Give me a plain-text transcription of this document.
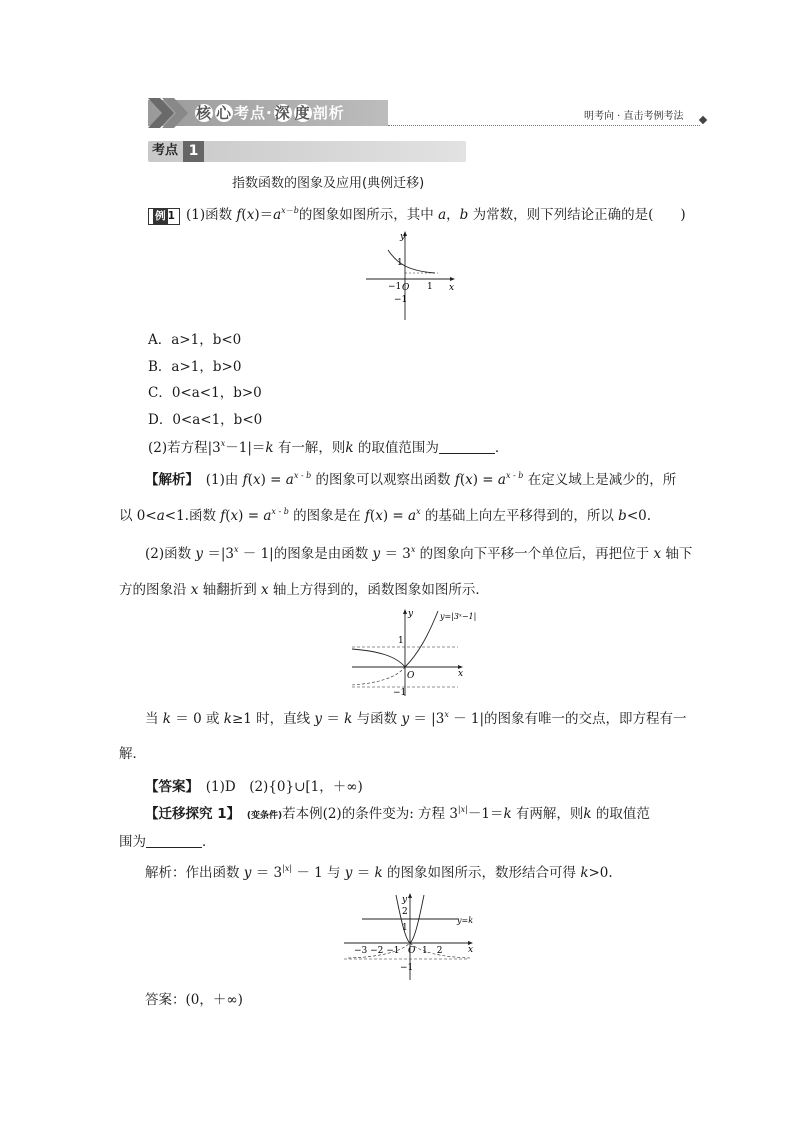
核 心 考点· 深 度 剖析	明考向 · 直击考例考法
考点 1
指数函数的图象及应用(典例迁移)
例 1 (1)函数 $f(x)=a^{x-b}$的图象如图所示，其中 a，b 为常数，则下列结论正确的是(　　)
y
x
1
−1 O 1
−1
A．a>1，b<0
B．a>1，b>0
C．0<a<1，b>0
D．0<a<1，b<0
(2)若方程$|3^x-1|=k$ 有一解，则k 的取值范围为	．
【解析】　 (1)由 $f(x) = a^{x - b}$ 的图象可以观察出函数 $f(x) = a^{x - b}$ 在定义域上是减少的，所
以 0<a<1.函数 $f(x) = a^{x - b}$ 的图象是在 $f(x) = a^x$ 的基础上向左平移得到的，所以 b<0.
(2)函数 $y =|3^x - 1|$的图象是由函数 $y = 3^x$ 的图象向下平移一个单位后，再把位于 x 轴下
方的图象沿 x 轴翻折到 x 轴上方得到的，函数图象如图所示．
y	y=|3ˣ−1|
x
1
O
−1
当 k ＝ 0 或 k≥1 时，直线 y ＝ k 与函数 $y = |3^x - 1|$的图象有唯一的交点，即方程有一
解．
【答案】　 (1)D　(2){0}∪[1，＋∞)
【迁移探究 1】　 (变条件)若本例(2)的条件变为: 方程 $3^{|x|}-1=k$ 有两解，则k 的取值范
围为	．
解析：作出函数 $y = 3^{|x|} - 1$ 与 y ＝ k 的图象如图所示，数形结合可得 k>0.
y
y=k
x
2
1
−3 −2 −1 O 1　2
−1
答案：(0，＋∞)
